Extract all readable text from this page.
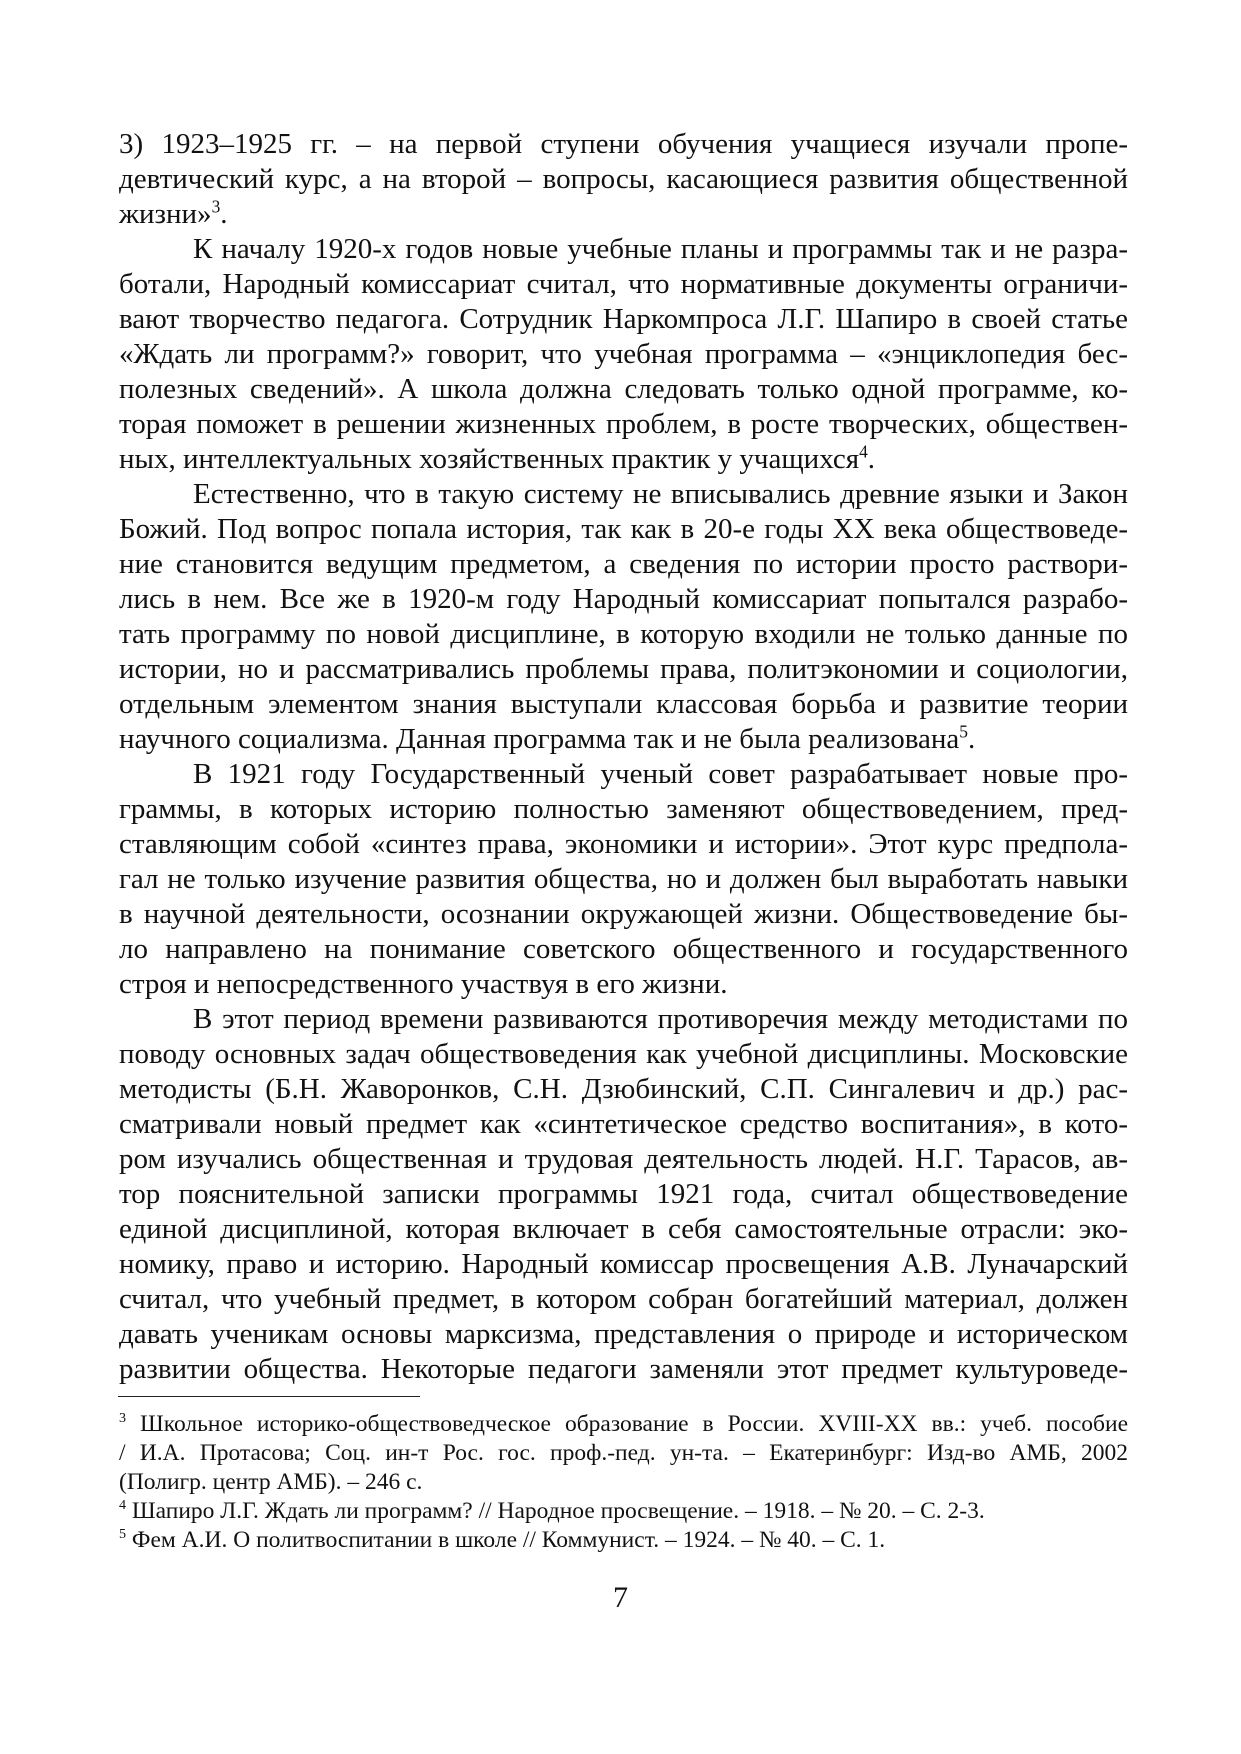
3) 1923–1925 гг. – на первой ступени обучения учащиеся изучали пропе-
девтический курс, а на второй – вопросы, касающиеся развития общественной
жизни»$^3$.
К началу 1920-х годов новые учебные планы и программы так и не разра-
ботали, Народный комиссариат считал, что нормативные документы ограничи-
вают творчество педагога. Сотрудник Наркомпроса Л.Г. Шапиро в своей статье
«Ждать ли программ?» говорит, что учебная программа – «энциклопедия бес-
полезных сведений». А школа должна следовать только одной программе, ко-
торая поможет в решении жизненных проблем, в росте творческих, обществен-
ных, интеллектуальных хозяйственных практик у учащихся$^4$.
Естественно, что в такую систему не вписывались древние языки и Закон
Божий. Под вопрос попала история, так как в 20-е годы XX века обществоведе-
ние становится ведущим предметом, а сведения по истории просто раствори-
лись в нем. Все же в 1920-м году Народный комиссариат попытался разрабо-
тать программу по новой дисциплине, в которую входили не только данные по
истории, но и рассматривались проблемы права, политэкономии и социологии,
отдельным элементом знания выступали классовая борьба и развитие теории
научного социализма. Данная программа так и не была реализована$^5$.
В 1921 году Государственный ученый совет разрабатывает новые про-
граммы, в которых историю полностью заменяют обществоведением, пред-
ставляющим собой «синтез права, экономики и истории». Этот курс предпола-
гал не только изучение развития общества, но и должен был выработать навыки
в научной деятельности, осознании окружающей жизни. Обществоведение бы-
ло направлено на понимание советского общественного и государственного
строя и непосредственного участвуя в его жизни.
В этот период времени развиваются противоречия между методистами по
поводу основных задач обществоведения как учебной дисциплины. Московские
методисты (Б.Н. Жаворонков, С.Н. Дзюбинский, С.П. Сингалевич и др.) рас-
сматривали новый предмет как «синтетическое средство воспитания», в кото-
ром изучались общественная и трудовая деятельность людей. Н.Г. Тарасов, ав-
тор пояснительной записки программы 1921 года, считал обществоведение
единой дисциплиной, которая включает в себя самостоятельные отрасли: эко-
номику, право и историю. Народный комиссар просвещения А.В. Луначарский
считал, что учебный предмет, в котором собран богатейший материал, должен
давать ученикам основы марксизма, представления о природе и историческом
развитии общества. Некоторые педагоги заменяли этот предмет культуроведе-
$^3$ Школьное историко-обществоведческое образование в России. XVIII-XX вв.: учеб. пособие
/ И.А. Протасова; Соц. ин-т Рос. гос. проф.-пед. ун-та. – Екатеринбург: Изд-во АМБ, 2002
(Полигр. центр АМБ). – 246 с.
$^4$ Шапиро Л.Г. Ждать ли программ? // Народное просвещение. – 1918. – № 20. – С. 2-3.
$^5$ Фем А.И. О политвоспитании в школе // Коммунист. – 1924. – № 40. – С. 1.
7
